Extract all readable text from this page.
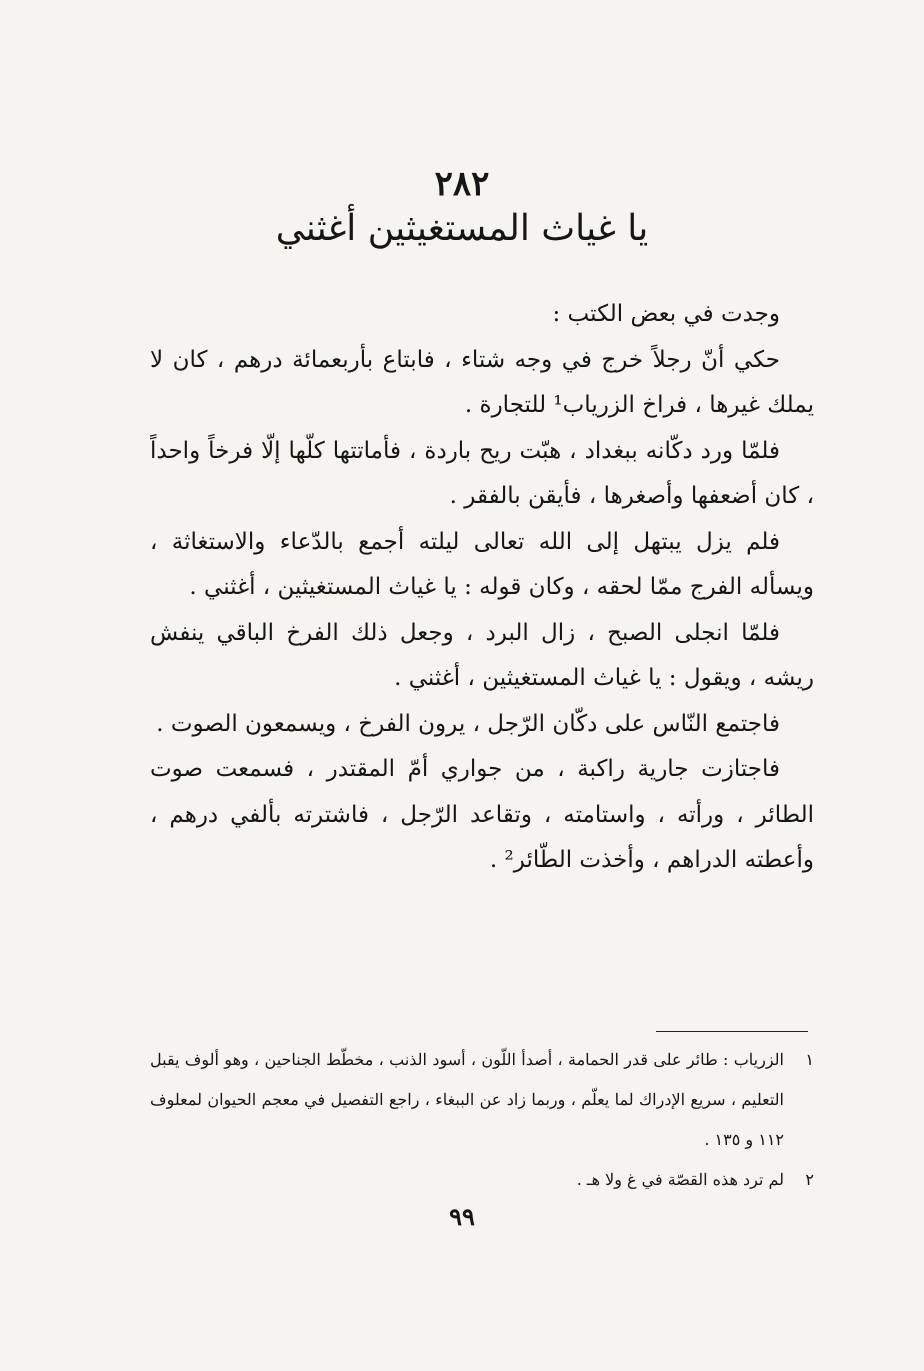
٢٨٢
يا غياث المستغيثين أغثني

وجدت في بعض الكتب :

حكي أنّ رجلاً خرج في وجه شتاء ، فابتاع بأربعمائة درهم ، كان لا يملك غيرها ، فراخ الزرياب¹ للتجارة .

فلمّا ورد دكّانه ببغداد ، هبّت ريح باردة ، فأماتتها كلّها إلّا فرخاً واحداً ، كان أضعفها وأصغرها ، فأيقن بالفقر .

فلم يزل يبتهل إلى الله تعالى ليلته أجمع بالدّعاء والاستغاثة ، ويسأله الفرج ممّا لحقه ، وكان قوله : يا غياث المستغيثين ، أغثني .

فلمّا انجلى الصبح ، زال البرد ، وجعل ذلك الفرخ الباقي ينفش ريشه ، ويقول : يا غياث المستغيثين ، أغثني .

فاجتمع النّاس على دكّان الرّجل ، يرون الفرخ ، ويسمعون الصوت .

فاجتازت جارية راكبة ، من جواري أمّ المقتدر ، فسمعت صوت الطائر ، ورأته ، واستامته ، وتقاعد الرّجل ، فاشترته بألفي درهم ، وأعطته الدراهم ، وأخذت الطّائر² .

١
الزرياب : طائر على قدر الحمامة ، أصدأ اللّون ، أسود الذنب ، مخطّط الجناحين ، وهو ألوف يقبل التعليم ، سريع الإدراك لما يعلّم ، وربما زاد عن الببغاء ، راجع التفصيل في معجم الحيوان لمعلوف ١١٢ و ١٣٥ .
٢
لم ترد هذه القصّة في غ ولا هـ .
٩٩
